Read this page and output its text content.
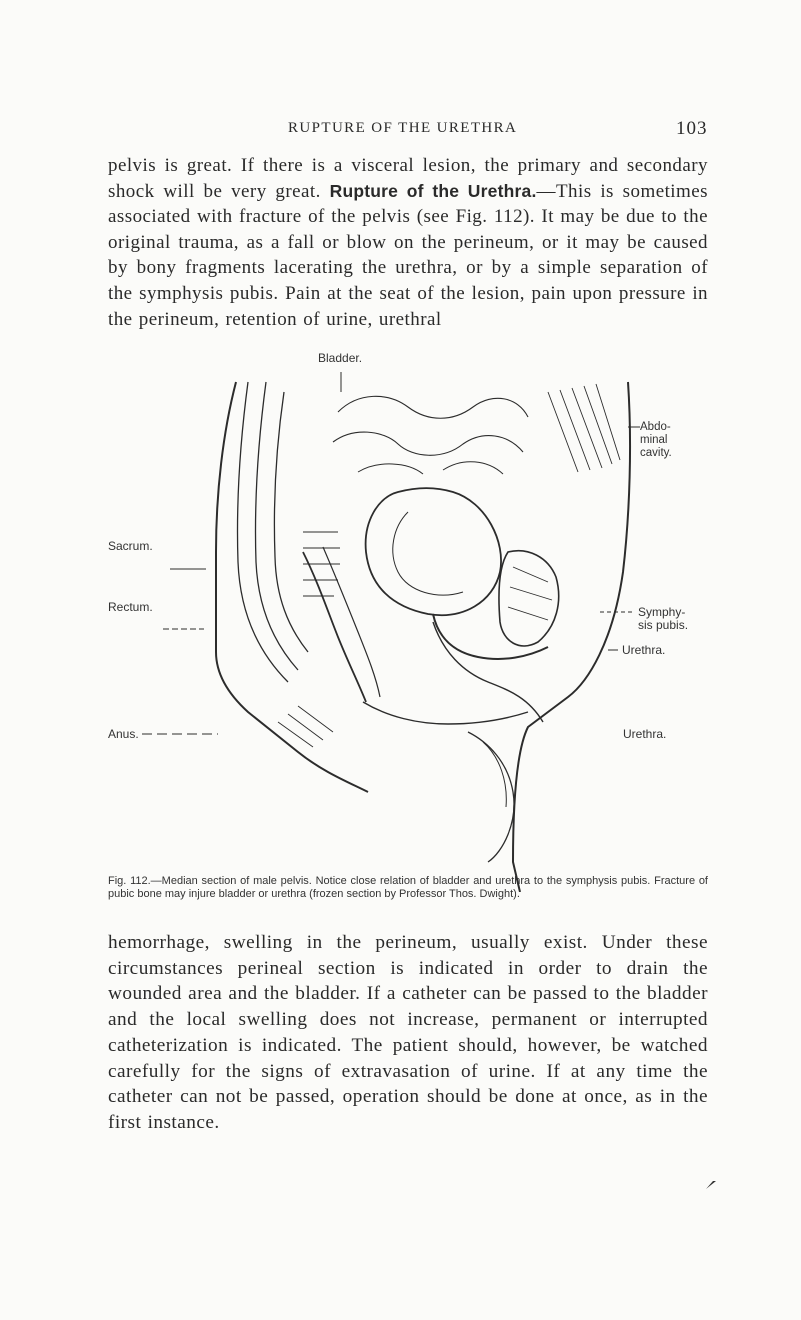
RUPTURE OF THE URETHRA	103

pelvis is great. If there is a visceral lesion, the primary and secondary shock will be very great. Rupture of the Urethra.—This is sometimes associated with fracture of the pelvis (see Fig. 112). It may be due to the original trauma, as a fall or blow on the perineum, or it may be caused by bony fragments lacerating the urethra, or by a simple separation of the symphysis pubis. Pain at the seat of the lesion, pain upon pressure in the perineum, retention of urine, urethral

Bladder.
Abdo-
minal
cavity.
Sacrum.
Rectum.	Symphy-
sis pubis.
Urethra.
Anus.	Urethra.

Fig. 112.—Median section of male pelvis. Notice close relation of bladder and urethra to the symphysis pubis. Fracture of pubic bone may injure bladder or urethra (frozen section by Professor Thos. Dwight).

hemorrhage, swelling in the perineum, usually exist. Under these circumstances perineal section is indicated in order to drain the wounded area and the bladder. If a catheter can be passed to the bladder and the local swelling does not increase, permanent or interrupted catheterization is indicated. The patient should, however, be watched carefully for the signs of extravasation of urine. If at any time the catheter can not be passed, operation should be done at once, as in the first instance.
